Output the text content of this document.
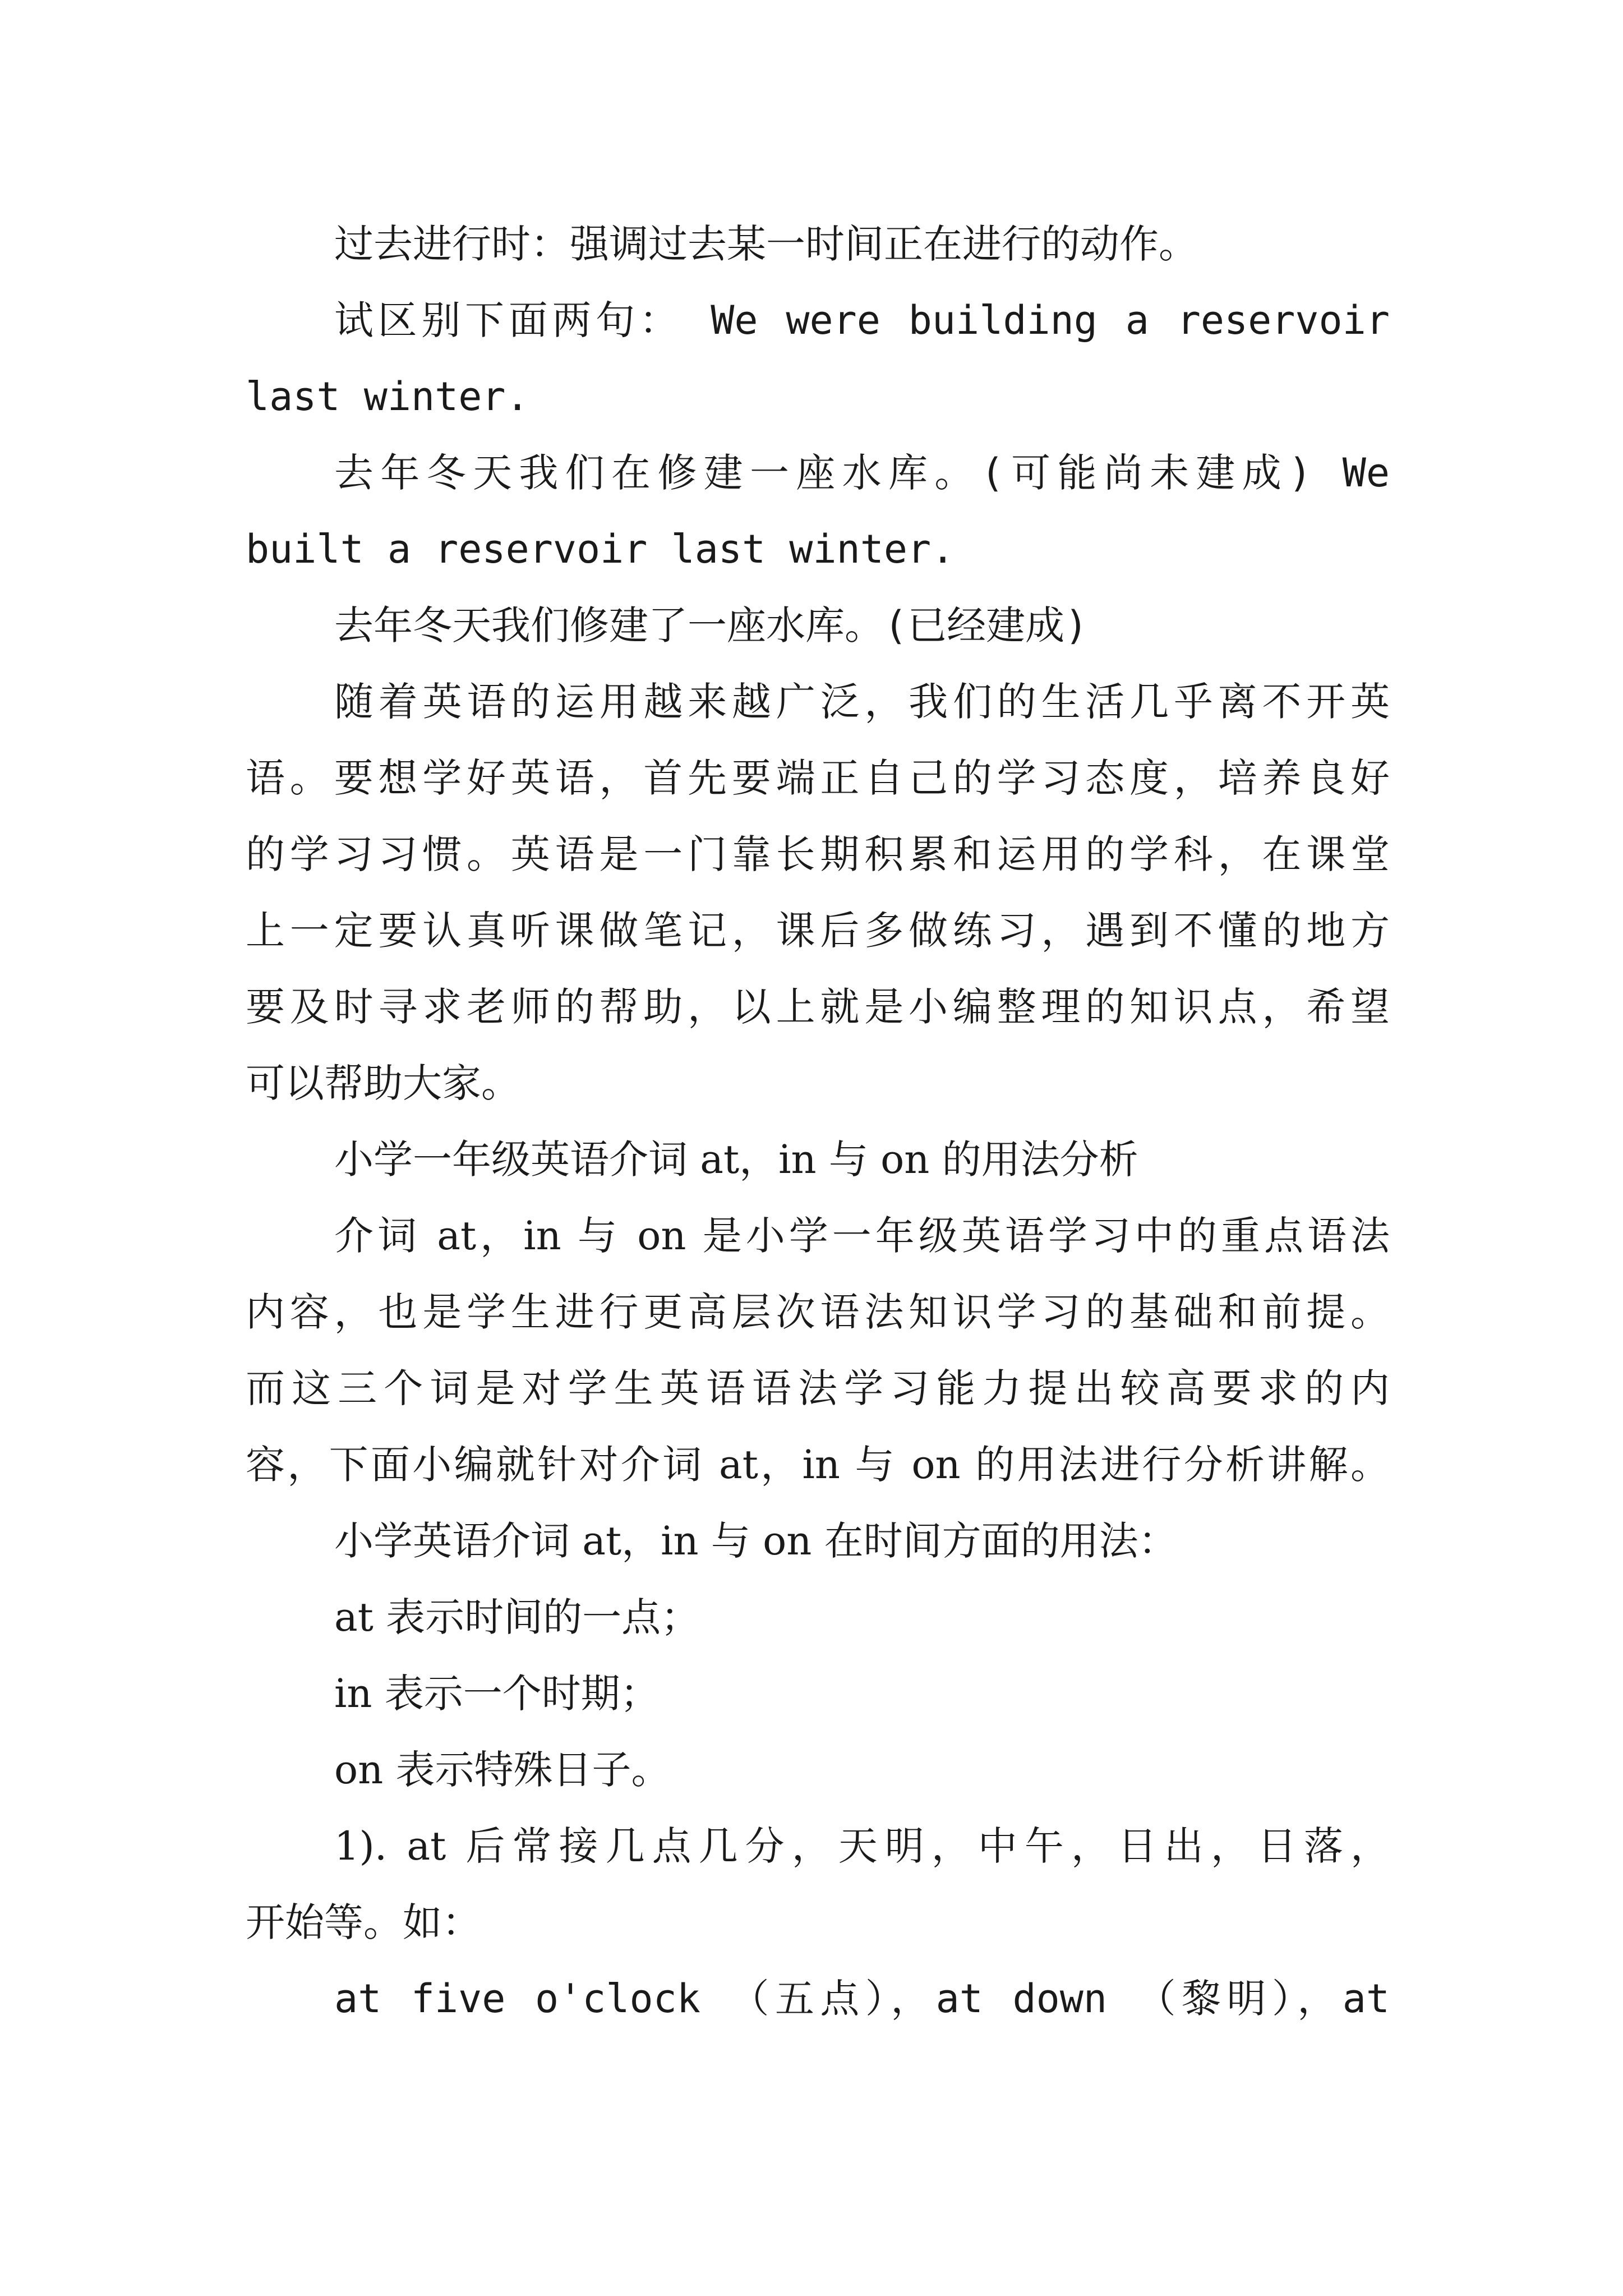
过去进行时：强调过去某一时间正在进行的动作。
试区别下面两句： We were building a reservoir
last winter.
去年冬天我们在修建一座水库。(可能尚未建成) We
built a reservoir last winter.
去年冬天我们修建了一座水库。(已经建成)
随着英语的运用越来越广泛，我们的生活几乎离不开英
语。要想学好英语，首先要端正自己的学习态度，培养良好
的学习习惯。英语是一门靠长期积累和运用的学科，在课堂
上一定要认真听课做笔记，课后多做练习，遇到不懂的地方
要及时寻求老师的帮助，以上就是小编整理的知识点，希望
可以帮助大家。
小学一年级英语介词 at，in 与 on 的用法分析
介词 at，in 与 on 是小学一年级英语学习中的重点语法
内容，也是学生进行更高层次语法知识学习的基础和前提。
而这三个词是对学生英语语法学习能力提出较高要求的内
容，下面小编就针对介词 at，in 与 on 的用法进行分析讲解。
小学英语介词 at，in 与 on 在时间方面的用法：
at 表示时间的一点；
in 表示一个时期；
on 表示特殊日子。
1). at 后常接几点几分，天明，中午，日出，日落，
开始等。如：
at five o'clock （五点），at down （黎明），at
